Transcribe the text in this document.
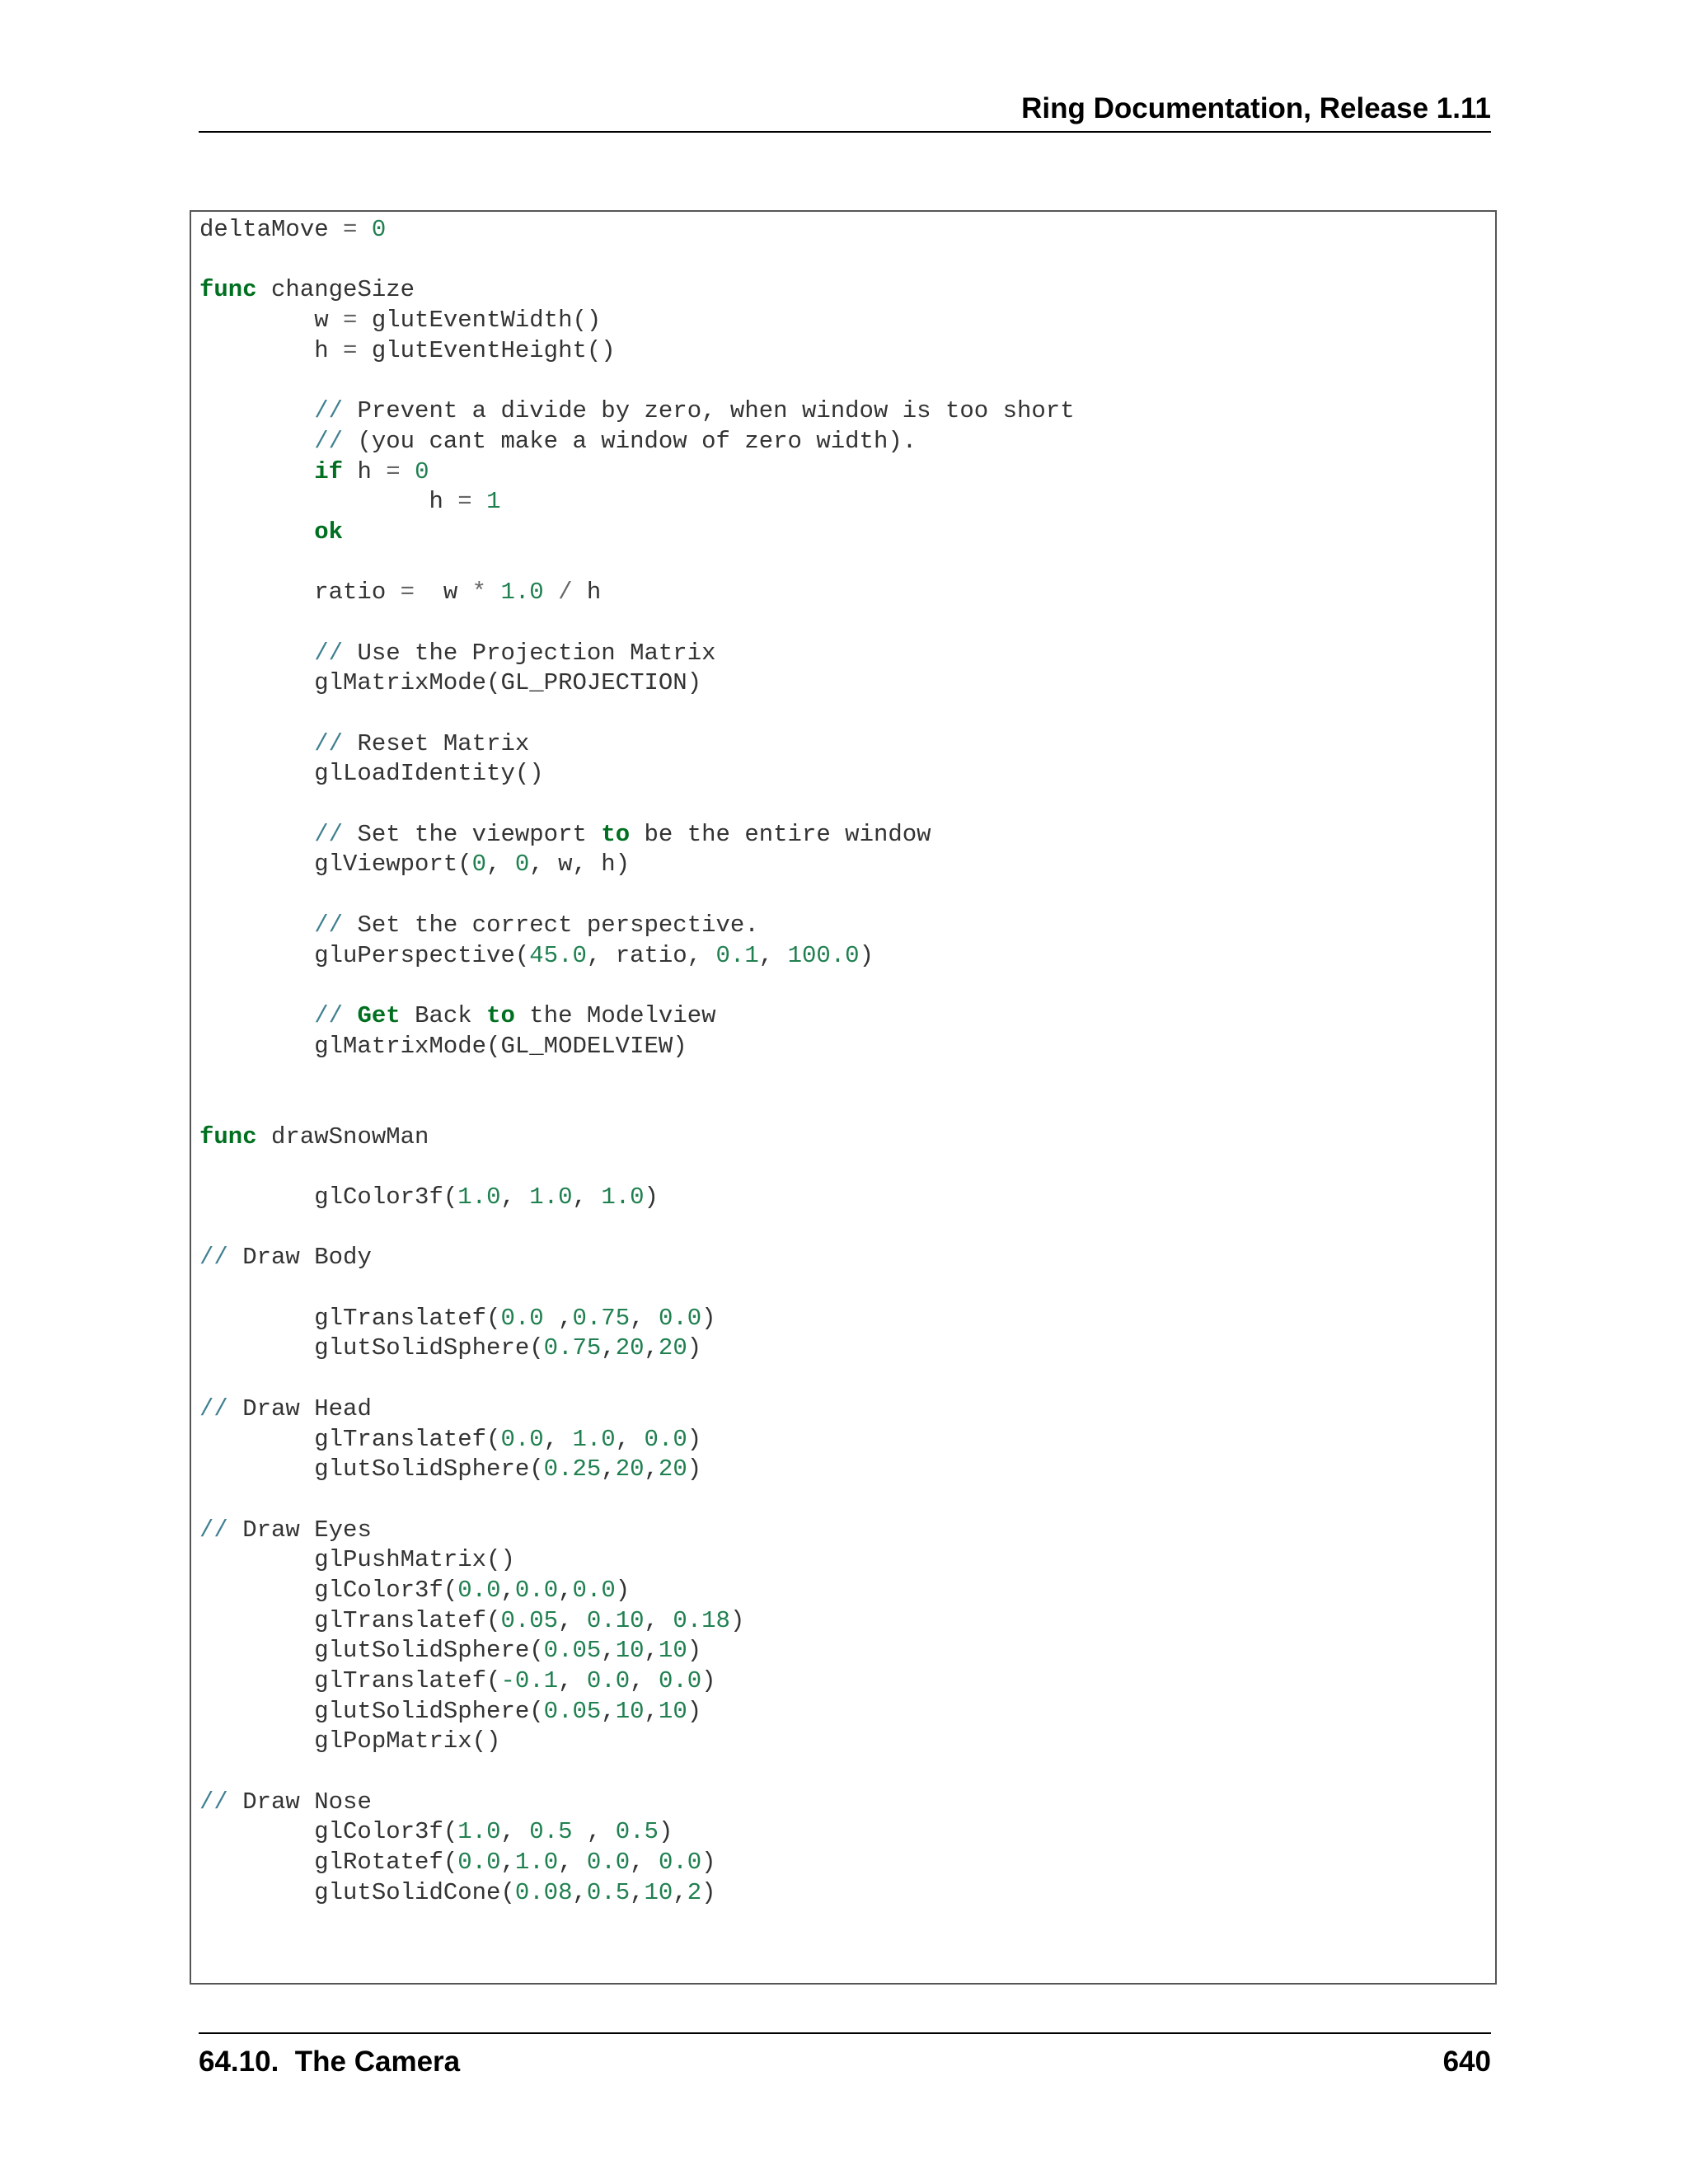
Ring Documentation, Release 1.11
deltaMove = 0
func changeSize
w = glutEventWidth()
h = glutEventHeight()
// Prevent a divide by zero, when window is too short
// (you cant make a window of zero width).
if h = 0
h = 1
ok
ratio =  w * 1.0 / h
// Use the Projection Matrix
glMatrixMode(GL_PROJECTION)
// Reset Matrix
glLoadIdentity()
// Set the viewport to be the entire window
glViewport(0, 0, w, h)
// Set the correct perspective.
gluPerspective(45.0, ratio, 0.1, 100.0)
// Get Back to the Modelview
glMatrixMode(GL_MODELVIEW)
func drawSnowMan
glColor3f(1.0, 1.0, 1.0)
// Draw Body
glTranslatef(0.0 ,0.75, 0.0)
glutSolidSphere(0.75,20,20)
// Draw Head
glTranslatef(0.0, 1.0, 0.0)
glutSolidSphere(0.25,20,20)
// Draw Eyes
glPushMatrix()
glColor3f(0.0,0.0,0.0)
glTranslatef(0.05, 0.10, 0.18)
glutSolidSphere(0.05,10,10)
glTranslatef(-0.1, 0.0, 0.0)
glutSolidSphere(0.05,10,10)
glPopMatrix()
// Draw Nose
glColor3f(1.0, 0.5 , 0.5)
glRotatef(0.0,1.0, 0.0, 0.0)
glutSolidCone(0.08,0.5,10,2)
64.10.  The Camera	640
